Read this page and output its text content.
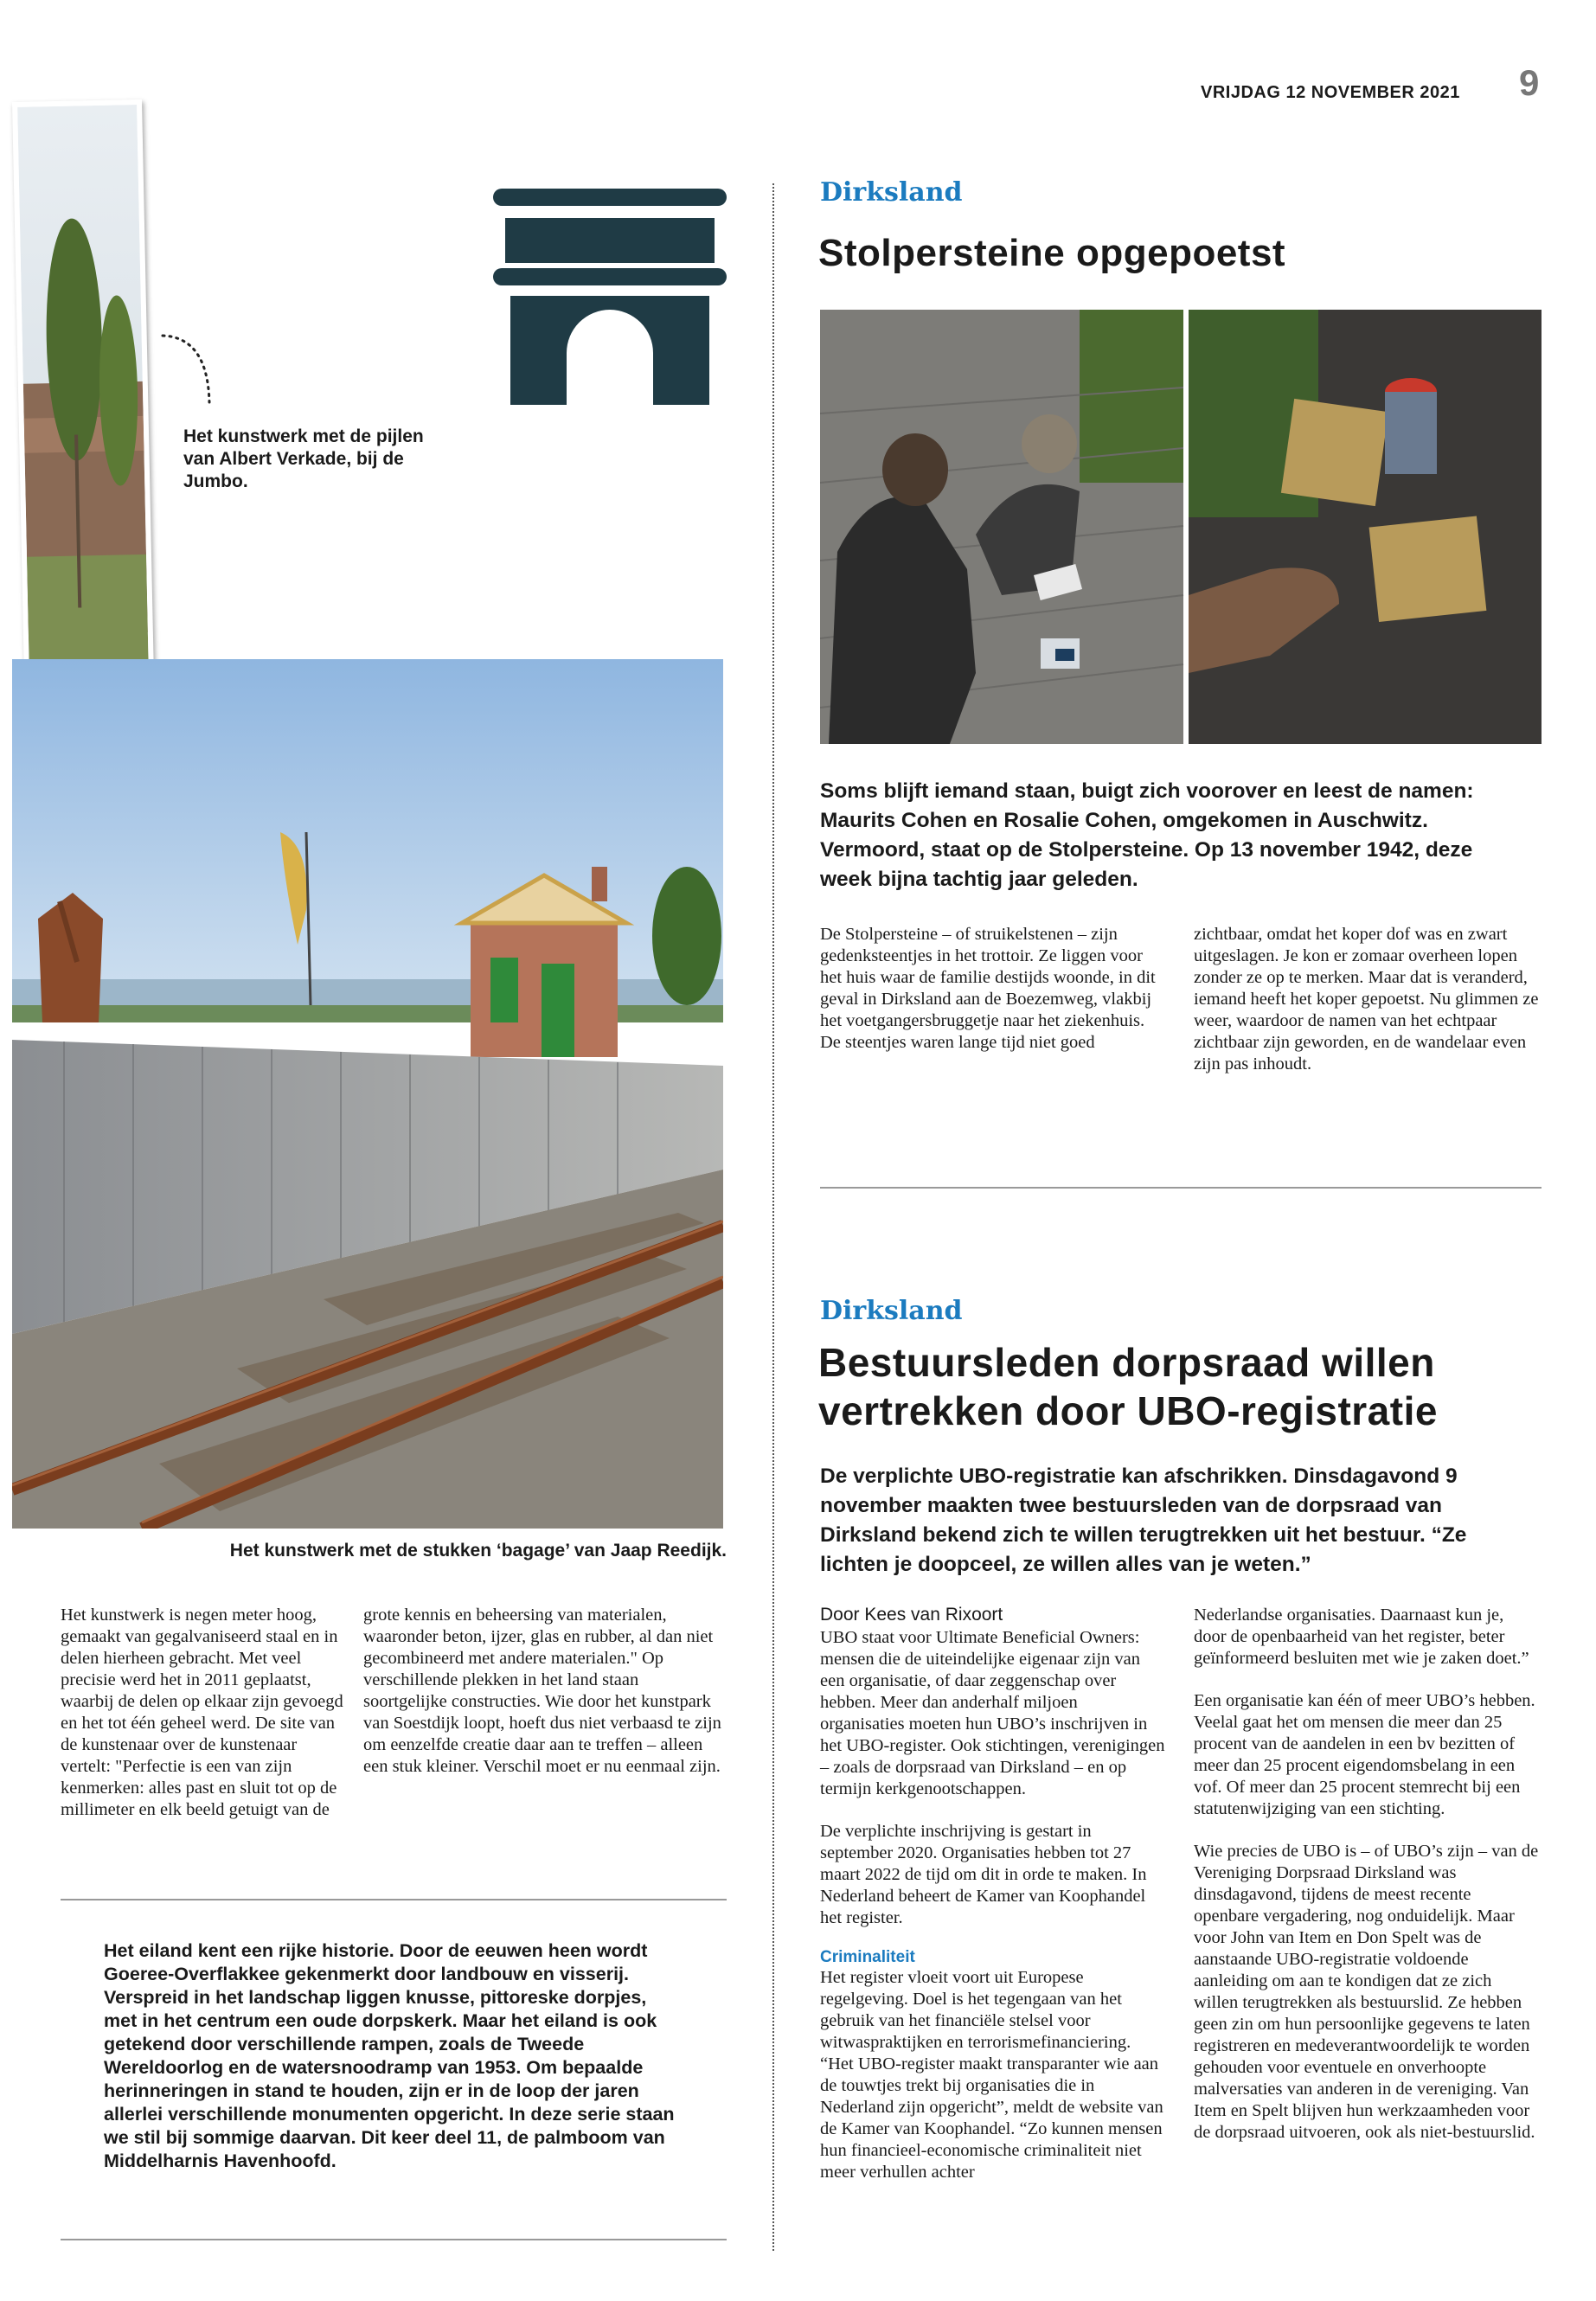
VRIJDAG 12 NOVEMBER 2021 9
Het kunstwerk met de pijlen van Albert Verkade, bij de Jumbo.
Het kunstwerk met de stukken ‘bagage’ van Jaap Reedijk.
Het kunstwerk is negen meter hoog, gemaakt van gegalvaniseerd staal en in delen hierheen gebracht. Met veel precisie werd het in 2011 geplaatst, waarbij de delen op elkaar zijn gevoegd en het tot één geheel werd. De site van de kunstenaar over de kunstenaar vertelt: "Perfectie is een van zijn kenmerken: alles past en sluit tot op de millimeter en elk beeld getuigt van de
grote kennis en beheersing van materialen, waaronder beton, ijzer, glas en rubber, al dan niet gecombineerd met andere materialen." Op verschillende plekken in het land staan soortgelijke constructies. Wie door het kunstpark van Soestdijk loopt, hoeft dus niet verbaasd te zijn om eenzelfde creatie daar aan te treffen – alleen een stuk kleiner. Verschil moet er nu eenmaal zijn.
Het eiland kent een rijke historie. Door de eeuwen heen wordt Goeree-Overflakkee gekenmerkt door landbouw en visserij. Verspreid in het landschap liggen knusse, pittoreske dorpjes, met in het centrum een oude dorpskerk. Maar het eiland is ook getekend door verschillende rampen, zoals de Tweede Wereldoorlog en de watersnoodramp van 1953. Om bepaalde herinneringen in stand te houden, zijn er in de loop der jaren allerlei verschillende monumenten opgericht. In deze serie staan we stil bij sommige daarvan. Dit keer deel 11, de palmboom van Middelharnis Havenhoofd.
Dirksland
Stolpersteine opgepoetst
Soms blijft iemand staan, buigt zich voorover en leest de namen: Maurits Cohen en Rosalie Cohen, omgekomen in Auschwitz. Vermoord, staat op de Stolpersteine. Op 13 november 1942, deze week bijna tachtig jaar geleden.
De Stolpersteine – of struikelstenen – zijn gedenksteentjes in het trottoir. Ze liggen voor het huis waar de familie destijds woonde, in dit geval in Dirksland aan de Boezemweg, vlakbij het voetgangersbruggetje naar het ziekenhuis. De steentjes waren lange tijd niet goed
zichtbaar, omdat het koper dof was en zwart uitgeslagen. Je kon er zomaar overheen lopen zonder ze op te merken. Maar dat is veranderd, iemand heeft het koper gepoetst. Nu glimmen ze weer, waardoor de namen van het echtpaar zichtbaar zijn geworden, en de wandelaar even zijn pas inhoudt.
Dirksland
Bestuursleden dorpsraad willen
vertrekken door UBO-registratie
De verplichte UBO-registratie kan afschrikken. Dinsdagavond 9 november maakten twee bestuursleden van de dorpsraad van Dirksland bekend zich te willen terugtrekken uit het bestuur. “Ze lichten je doopceel, ze willen alles van je weten.”
Door Kees van Rixoort
UBO staat voor Ultimate Beneficial Owners: mensen die de uiteindelijke eigenaar zijn van een organisatie, of daar zeggenschap over hebben. Meer dan anderhalf miljoen organisaties moeten hun UBO’s inschrijven in het UBO-register. Ook stichtingen, verenigingen – zoals de dorpsraad van Dirksland – en op termijn kerkgenootschappen.
De verplichte inschrijving is gestart in september 2020. Organisaties hebben tot 27 maart 2022 de tijd om dit in orde te maken. In Nederland beheert de Kamer van Koophandel het register.
Criminaliteit
Het register vloeit voort uit Europese regelgeving. Doel is het tegengaan van het gebruik van het financiële stelsel voor witwaspraktijken en terrorismefinanciering. “Het UBO-register maakt transparanter wie aan de touwtjes trekt bij organisaties die in Nederland zijn opgericht”, meldt de website van de Kamer van Koophandel. “Zo kunnen mensen hun financieel-economische criminaliteit niet meer verhullen achter
Nederlandse organisaties. Daarnaast kun je, door de openbaarheid van het register, beter geïnformeerd besluiten met wie je zaken doet.”
Een organisatie kan één of meer UBO’s hebben. Veelal gaat het om mensen die meer dan 25 procent van de aandelen in een bv bezitten of meer dan 25 procent eigendomsbelang in een vof. Of meer dan 25 procent stemrecht bij een statutenwijziging van een stichting.
Wie precies de UBO is – of UBO’s zijn – van de Vereniging Dorpsraad Dirksland was dinsdagavond, tijdens de meest recente openbare vergadering, nog onduidelijk. Maar voor John van Item en Don Spelt was de aanstaande UBO-registratie voldoende aanleiding om aan te kondigen dat ze zich willen terugtrekken als bestuurslid. Ze hebben geen zin om hun persoonlijke gegevens te laten registreren en medeverantwoordelijk te worden gehouden voor eventuele en onverhoopte malversaties van anderen in de vereniging. Van Item en Spelt blijven hun werkzaamheden voor de dorpsraad uitvoeren, ook als niet-bestuurslid.
